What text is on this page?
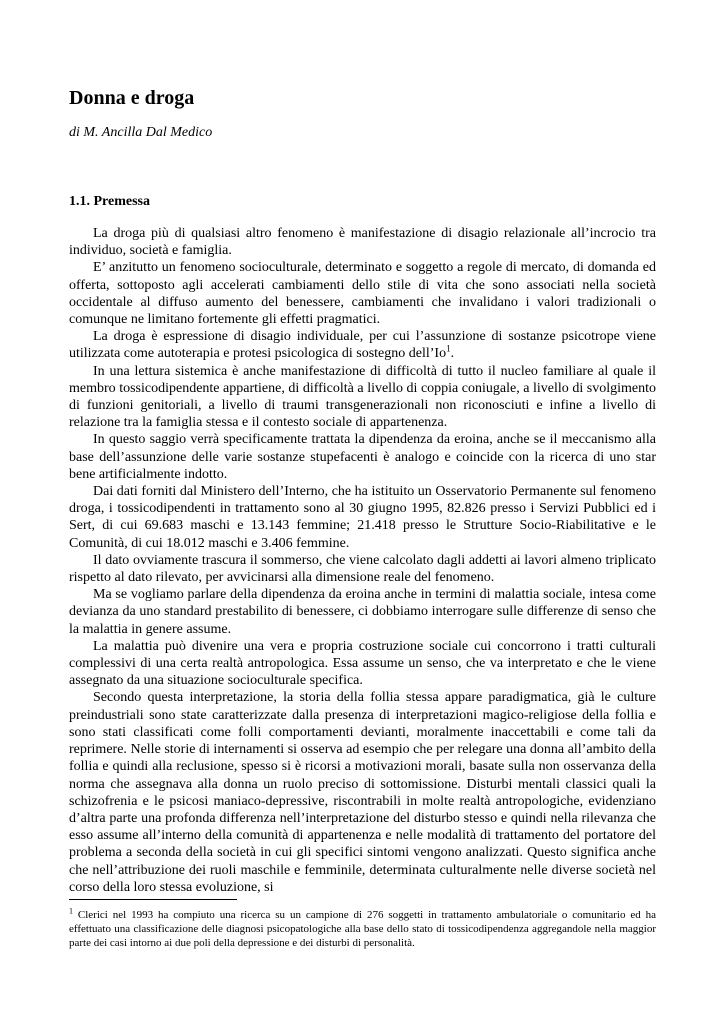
Donna e droga

di M. Ancilla Dal Medico

1.1. Premessa

La droga più di qualsiasi altro fenomeno è manifestazione di disagio relazionale all’incrocio tra individuo, società e famiglia.

E’ anzitutto un fenomeno socioculturale, determinato e soggetto a regole di mercato, di domanda ed offerta, sottoposto agli accelerati cambiamenti dello stile di vita che sono associati nella società occidentale al diffuso aumento del benessere, cambiamenti che invalidano i valori tradizionali o comunque ne limitano fortemente gli effetti pragmatici.

La droga è espressione di disagio individuale, per cui l’assunzione di sostanze psicotrope viene utilizzata come autoterapia e protesi psicologica di sostegno dell’Io$^1$.

In una lettura sistemica è anche manifestazione di difficoltà di tutto il nucleo familiare al quale il membro tossicodipendente appartiene, di difficoltà a livello di coppia coniugale, a livello di svolgimento di funzioni genitoriali, a livello di traumi transgenerazionali non riconosciuti e infine a livello di relazione tra la famiglia stessa e il contesto sociale di appartenenza.

In questo saggio verrà specificamente trattata la dipendenza da eroina, anche se il meccanismo alla base dell’assunzione delle varie sostanze stupefacenti è analogo e coincide con la ricerca di uno star bene artificialmente indotto.

Dai dati forniti dal Ministero dell’Interno, che ha istituito un Osservatorio Permanente sul fenomeno droga, i tossicodipendenti in trattamento sono al 30 giugno 1995, 82.826 presso i Servizi Pubblici ed i Sert, di cui 69.683 maschi e 13.143 femmine; 21.418 presso le Strutture Socio-Riabilitative e le Comunità, di cui 18.012 maschi e 3.406 femmine.

Il dato ovviamente trascura il sommerso, che viene calcolato dagli addetti ai lavori almeno triplicato rispetto al dato rilevato, per avvicinarsi alla dimensione reale del fenomeno.

Ma se vogliamo parlare della dipendenza da eroina anche in termini di malattia sociale, intesa come devianza da uno standard prestabilito di benessere, ci dobbiamo interrogare sulle differenze di senso che la malattia in genere assume.

La malattia può divenire una vera e propria costruzione sociale cui concorrono i tratti culturali complessivi di una certa realtà antropologica. Essa assume un senso, che va interpretato e che le viene assegnato da una situazione socioculturale specifica.

Secondo questa interpretazione, la storia della follia stessa appare paradigmatica, già le culture preindustriali sono state caratterizzate dalla presenza di interpretazioni magico-religiose della follia e sono stati classificati come folli comportamenti devianti, moralmente inaccettabili e come tali da reprimere. Nelle storie di internamenti si osserva ad esempio che per relegare una donna all’ambito della follia e quindi alla reclusione, spesso si è ricorsi a motivazioni morali, basate sulla non osservanza della norma che assegnava alla donna un ruolo preciso di sottomissione. Disturbi mentali classici quali la schizofrenia e le psicosi maniaco-depressive, riscontrabili in molte realtà antropologiche, evidenziano d’altra parte una profonda differenza nell’interpretazione del disturbo stesso e quindi nella rilevanza che esso assume all’interno della comunità di appartenenza e nelle modalità di trattamento del portatore del problema a seconda della società in cui gli specifici sintomi vengono analizzati. Questo significa anche che nell’attribuzione dei ruoli maschile e femminile, determinata culturalmente nelle diverse società nel corso della loro stessa evoluzione, si

$^1$ Clerici nel 1993 ha compiuto una ricerca su un campione di 276 soggetti in trattamento ambulatoriale o comunitario ed ha effettuato una classificazione delle diagnosi psicopatologiche alla base dello stato di tossicodipendenza aggregandole nella maggior parte dei casi intorno ai due poli della depressione e dei disturbi di personalità.
